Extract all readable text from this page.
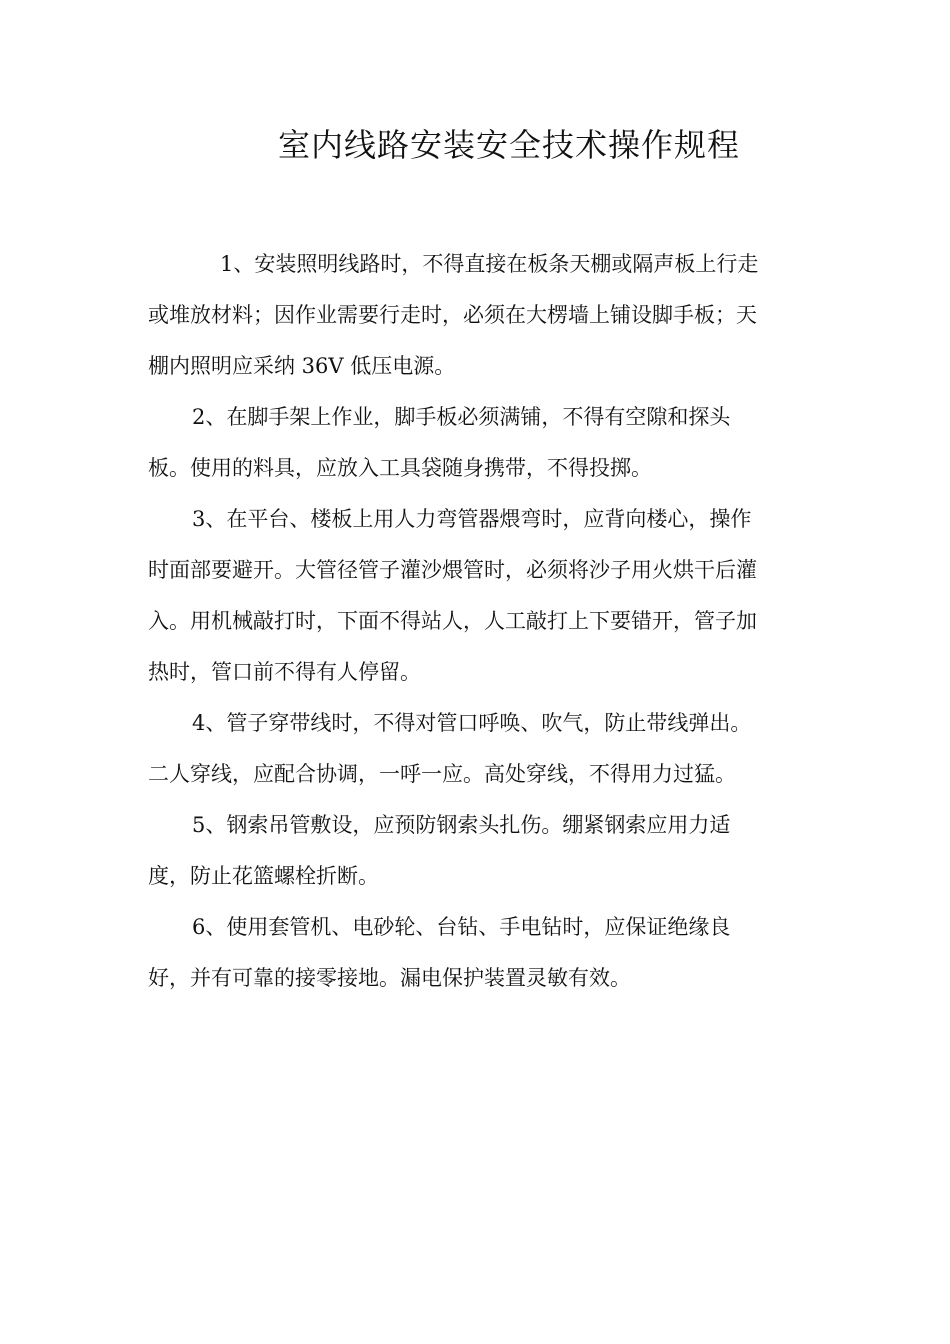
室内线路安装安全技术操作规程

1、安装照明线路时，不得直接在板条天棚或隔声板上行走
或堆放材料；因作业需要行走时，必须在大楞墙上铺设脚手板；天
棚内照明应采纳 36V 低压电源。

2、在脚手架上作业，脚手板必须满铺，不得有空隙和探头
板。使用的料具，应放入工具袋随身携带，不得投掷。

3、在平台、楼板上用人力弯管器煨弯时，应背向楼心，操作
时面部要避开。大管径管子灌沙煨管时，必须将沙子用火烘干后灌
入。用机械敲打时，下面不得站人，人工敲打上下要错开，管子加
热时，管口前不得有人停留。

4、管子穿带线时，不得对管口呼唤、吹气，防止带线弹出。
二人穿线，应配合协调，一呼一应。高处穿线，不得用力过猛。

5、钢索吊管敷设，应预防钢索头扎伤。绷紧钢索应用力适
度，防止花篮螺栓折断。

6、使用套管机、电砂轮、台钻、手电钻时，应保证绝缘良
好，并有可靠的接零接地。漏电保护装置灵敏有效。
